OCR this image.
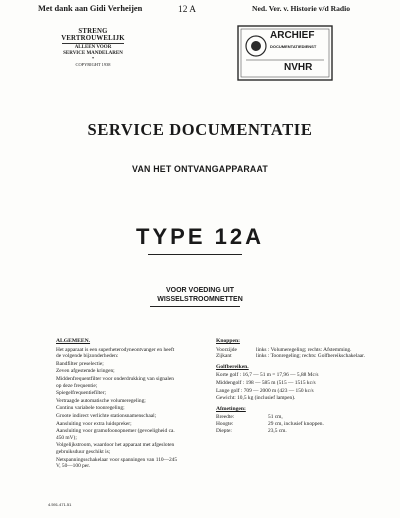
Met dank aan Gidi Verheijen	12 A	Ned. Ver. v. Historie v/d Radio
STRENG VERTROUWELIJK
ALLEEN VOOR
SERVICE MANDELAREN
•
COPYRIGHT 1938
ARCHIEF
DOCUMENTATIEDIENST
NVHR
SERVICE DOCUMENTATIE
VAN HET ONTVANGAPPARAAT
TYPE 12A
VOOR VOEDING UIT
WISSELSTROOMNETTEN
ALGEMEEN.
Het apparaat is een superheterodyneontvanger en heeft de volgende bijzonderheden:
Bandfilter preselectie;
Zeven afgestemde kringen;
Middenfrequentfilter voor onderdrukking van signalen op deze frequentie;
Spiegelfrequentiefilter;
Vertraagde automatische volumeregeling;
Continu variabele toonregeling;
Groote indirect verlichte stationsnamenschaal;
Aansluiting voor extra luidspreker;
Aansluiting voor gramofoonopnemer (gevoeligheid ca. 450 mV);
Volgelijkstroom, waardoor het apparaat met afgesloten gebruiksduur geschikt is;
Netspanningsschakelaar voor spanningen van 110—245 V, 50—100 per.
Knoppen:
Voorzijde	links : Volumeregeling; rechts: Afstemming.
Zijkant	links : Toonregeling; rechts: Golfbereikschakelaar.
Golfbereiken.
Korte golf : 16,7 — 51 m = 17,96 — 5,88 Mc/s
Middengolf : 198 — 585 m (515 — 1515 kc/s
Lange golf : 709 — 2000 m (423 — 150 kc/s
Gewicht: 10,5 kg (inclusief lampen).
Afmetingen:
Breedte:	51 cm,
Hoogte:	29 cm, inclusief knoppen.
Diepte:	23,5 cm.
4.591.471.51
